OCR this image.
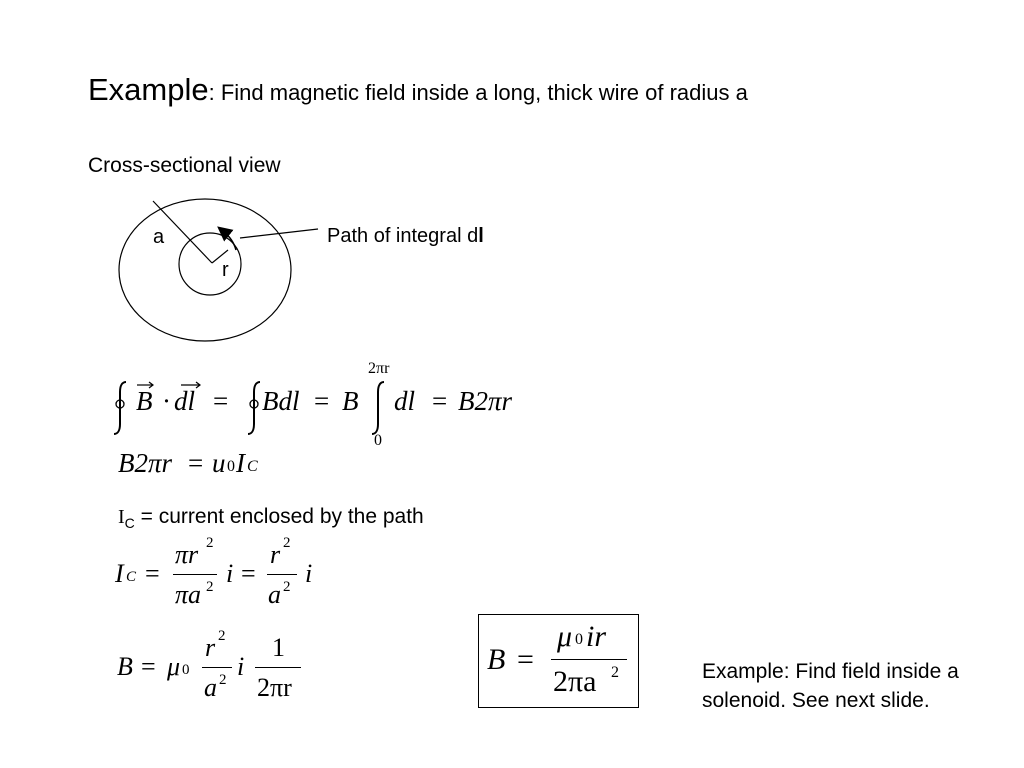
Example: Find magnetic field inside a long, thick wire of radius a
Cross-sectional view
a
r
Path of integral dl
B · dl = Bdl = B
2πr
0
dl = B2πr
B2πr = u 0 I C
$I_C$ = current enclosed by the path
I C =
πr 2
πa 2 i =
r 2
a 2 i
B = μ 0
r 2
a 2 i
1
2πr
B =
μ 0 ir
2πa 2	Example: Find field inside a solenoid. See next slide.
